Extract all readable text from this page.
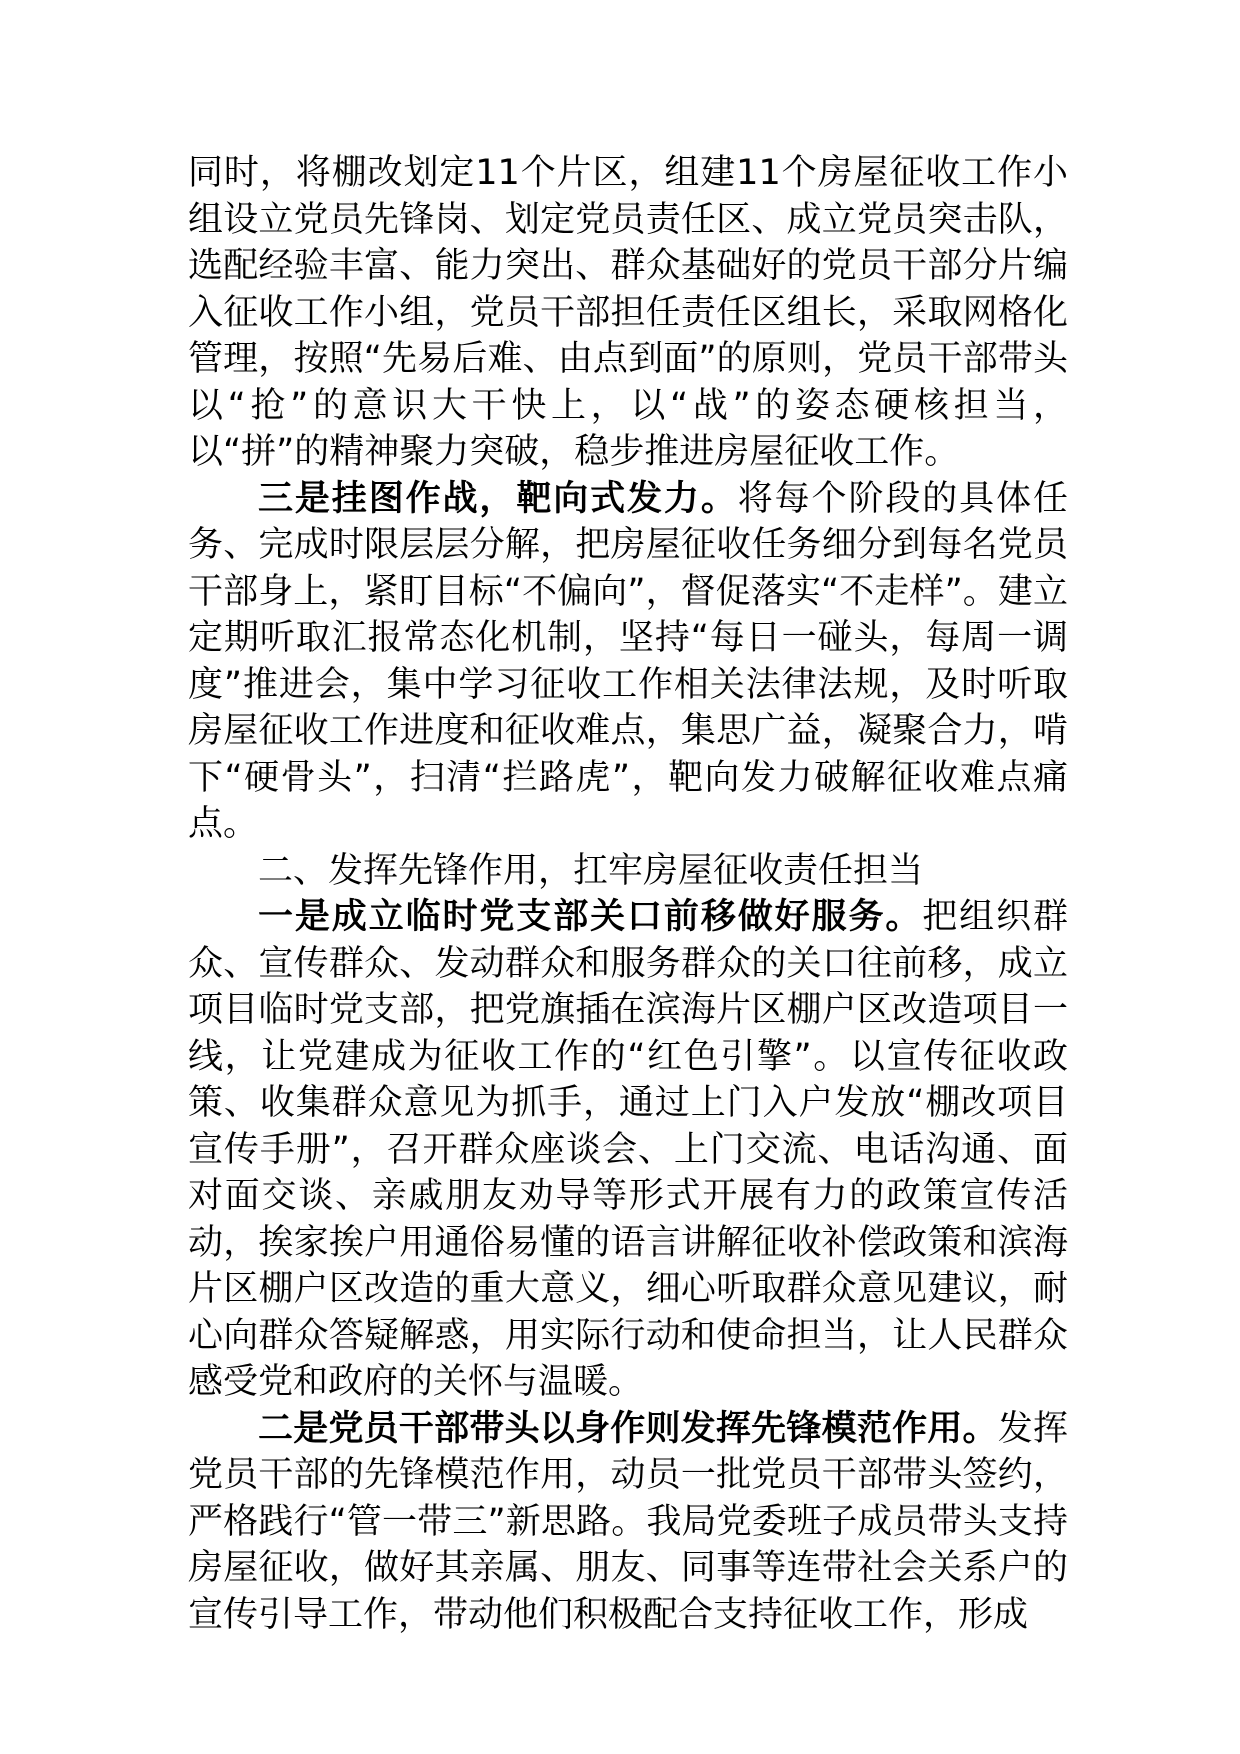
同时，将棚改划定11个片区，组建11个房屋征收工作小组设立党员先锋岗、划定党员责任区、成立党员突击队，选配经验丰富、能力突出、群众基础好的党员干部分片编入征收工作小组，党员干部担任责任区组长，采取网格化管理，按照“先易后难、由点到面”的原则，党员干部带头以“抢”的意识大干快上，以“战”的姿态硬核担当，以“拼”的精神聚力突破，稳步推进房屋征收工作。

三是挂图作战，靶向式发力。将每个阶段的具体任务、完成时限层层分解，把房屋征收任务细分到每名党员干部身上，紧盯目标“不偏向”，督促落实“不走样”。建立定期听取汇报常态化机制，坚持“每日一碰头，每周一调度”推进会，集中学习征收工作相关法律法规，及时听取房屋征收工作进度和征收难点，集思广益，凝聚合力，啃下“硬骨头”，扫清“拦路虎”，靶向发力破解征收难点痛点。

二、发挥先锋作用，扛牢房屋征收责任担当

一是成立临时党支部关口前移做好服务。把组织群众、宣传群众、发动群众和服务群众的关口往前移，成立项目临时党支部，把党旗插在滨海片区棚户区改造项目一线，让党建成为征收工作的“红色引擎”。以宣传征收政策、收集群众意见为抓手，通过上门入户发放“棚改项目宣传手册”，召开群众座谈会、上门交流、电话沟通、面对面交谈、亲戚朋友劝导等形式开展有力的政策宣传活动，挨家挨户用通俗易懂的语言讲解征收补偿政策和滨海片区棚户区改造的重大意义，细心听取群众意见建议，耐心向群众答疑解惑，用实际行动和使命担当，让人民群众感受党和政府的关怀与温暖。

二是党员干部带头以身作则发挥先锋模范作用。发挥党员干部的先锋模范作用，动员一批党员干部带头签约，严格践行“管一带三”新思路。我局党委班子成员带头支持房屋征收，做好其亲属、朋友、同事等连带社会关系户的宣传引导工作，带动他们积极配合支持征收工作，形成
